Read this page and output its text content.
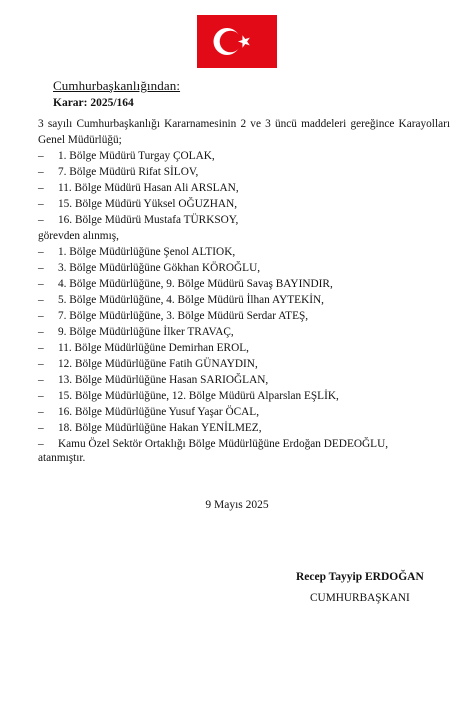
Cumhurbaşkanlığından:
Karar: 2025/164
3 sayılı Cumhurbaşkanlığı Kararnamesinin 2 ve 3 üncü maddeleri gereğince Karayolları Genel Müdürlüğü;
– 1. Bölge Müdürü Turgay ÇOLAK,
– 7. Bölge Müdürü Rifat SİLOV,
– 11. Bölge Müdürü Hasan Ali ARSLAN,
– 15. Bölge Müdürü Yüksel OĞUZHAN,
– 16. Bölge Müdürü Mustafa TÜRKSOY,
görevden alınmış,
– 1. Bölge Müdürlüğüne Şenol ALTIOK,
– 3. Bölge Müdürlüğüne Gökhan KÖROĞLU,
– 4. Bölge Müdürlüğüne, 9. Bölge Müdürü Savaş BAYINDIR,
– 5. Bölge Müdürlüğüne, 4. Bölge Müdürü İlhan AYTEKİN,
– 7. Bölge Müdürlüğüne, 3. Bölge Müdürü Serdar ATEŞ,
– 9. Bölge Müdürlüğüne İlker TRAVAÇ,
– 11. Bölge Müdürlüğüne Demirhan EROL,
– 12. Bölge Müdürlüğüne Fatih GÜNAYDIN,
– 13. Bölge Müdürlüğüne Hasan SARIOĞLAN,
– 15. Bölge Müdürlüğüne, 12. Bölge Müdürü Alparslan EŞLİK,
– 16. Bölge Müdürlüğüne Yusuf Yaşar ÖCAL,
– 18. Bölge Müdürlüğüne Hakan YENİLMEZ,
– Kamu Özel Sektör Ortaklığı Bölge Müdürlüğüne Erdoğan DEDEOĞLU,
atanmıştır.
9 Mayıs 2025
Recep Tayyip ERDOĞAN
CUMHURBAŞKANI
